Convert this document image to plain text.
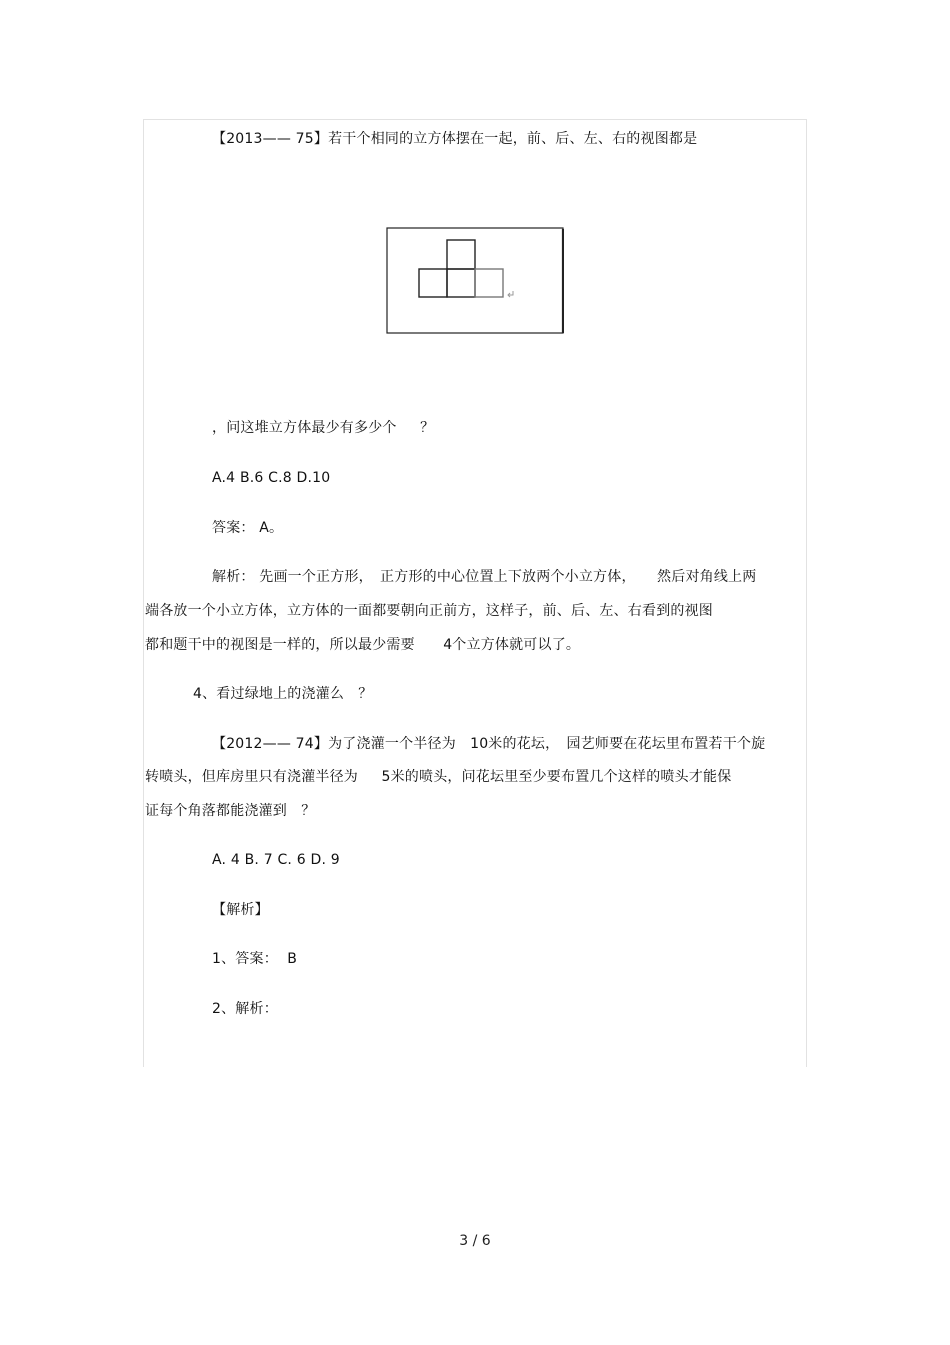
【2013—— 75】若干个相同的立方体摆在一起，前、后、左、右的视图都是
，问这堆立方体最少有多少个　  ？
A.4 B.6 C.8 D.10
答案： A。
解析： 先画一个正方形，　正方形的中心位置上下放两个小立方体，　　然后对角线上两
端各放一个小立方体，立方体的一面都要朝向正前方，这样子，前、后、左、右看到的视图
都和题干中的视图是一样的，所以最少需要　　4个立方体就可以了。
4、看过绿地上的浇灌么　？
【2012—— 74】为了浇灌一个半径为　10米的花坛，　园艺师要在花坛里布置若干个旋
转喷头，但库房里只有浇灌半径为　  5米的喷头，问花坛里至少要布置几个这样的喷头才能保
证每个角落都能浇灌到　？
A. 4 B. 7 C. 6 D. 9
【解析】
1、答案：  B
2、解析：
3 / 6
